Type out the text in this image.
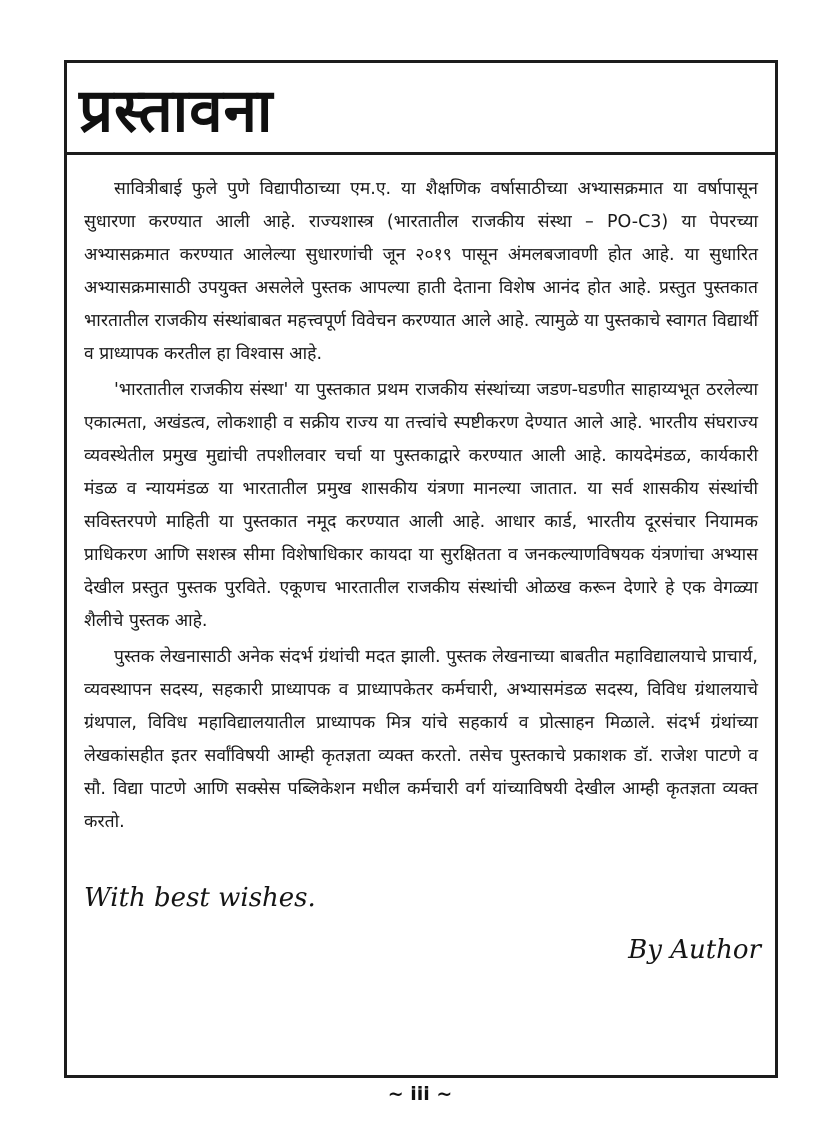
प्रस्तावना

सावित्रीबाई फुले पुणे विद्यापीठाच्या एम.ए. या शैक्षणिक वर्षासाठीच्या अभ्यासक्रमात या वर्षापासून सुधारणा करण्यात आली आहे. राज्यशास्त्र (भारतातील राजकीय संस्था – PO-C3) या पेपरच्या अभ्यासक्रमात करण्यात आलेल्या सुधारणांची जून २०१९ पासून अंमलबजावणी होत आहे. या सुधारित अभ्यासक्रमासाठी उपयुक्त असलेले पुस्तक आपल्या हाती देताना विशेष आनंद होत आहे. प्रस्तुत पुस्तकात भारतातील राजकीय संस्थांबाबत महत्त्वपूर्ण विवेचन करण्यात आले आहे. त्यामुळे या पुस्तकाचे स्वागत विद्यार्थी व प्राध्यापक करतील हा विश्वास आहे.

'भारतातील राजकीय संस्था' या पुस्तकात प्रथम राजकीय संस्थांच्या जडण-घडणीत साहाय्यभूत ठरलेल्या एकात्मता, अखंडत्व, लोकशाही व सक्रीय राज्य या तत्त्वांचे स्पष्टीकरण देण्यात आले आहे. भारतीय संघराज्य व्यवस्थेतील प्रमुख मुद्यांची तपशीलवार चर्चा या पुस्तकाद्वारे करण्यात आली आहे. कायदेमंडळ, कार्यकारी मंडळ व न्यायमंडळ या भारतातील प्रमुख शासकीय यंत्रणा मानल्या जातात. या सर्व शासकीय संस्थांची सविस्तरपणे माहिती या पुस्तकात नमूद करण्यात आली आहे. आधार कार्ड, भारतीय दूरसंचार नियामक प्राधिकरण आणि सशस्त्र सीमा विशेषाधिकार कायदा या सुरक्षितता व जनकल्याणविषयक यंत्रणांचा अभ्यास देखील प्रस्तुत पुस्तक पुरविते. एकूणच भारतातील राजकीय संस्थांची ओळख करून देणारे हे एक वेगळ्या शैलीचे पुस्तक आहे.

पुस्तक लेखनासाठी अनेक संदर्भ ग्रंथांची मदत झाली. पुस्तक लेखनाच्या बाबतीत महाविद्यालयाचे प्राचार्य, व्यवस्थापन सदस्य, सहकारी प्राध्यापक व प्राध्यापकेतर कर्मचारी, अभ्यासमंडळ सदस्य, विविध ग्रंथालयाचे ग्रंथपाल, विविध महाविद्यालयातील प्राध्यापक मित्र यांचे सहकार्य व प्रोत्साहन मिळाले. संदर्भ ग्रंथांच्या लेखकांसहीत इतर सर्वांविषयी आम्ही कृतज्ञता व्यक्त करतो. तसेच पुस्तकाचे प्रकाशक डॉ. राजेश पाटणे व सौ. विद्या पाटणे आणि सक्सेस पब्लिकेशन मधील कर्मचारी वर्ग यांच्याविषयी देखील आम्ही कृतज्ञता व्यक्त करतो.

With best wishes.
By Author
~ iii ~
